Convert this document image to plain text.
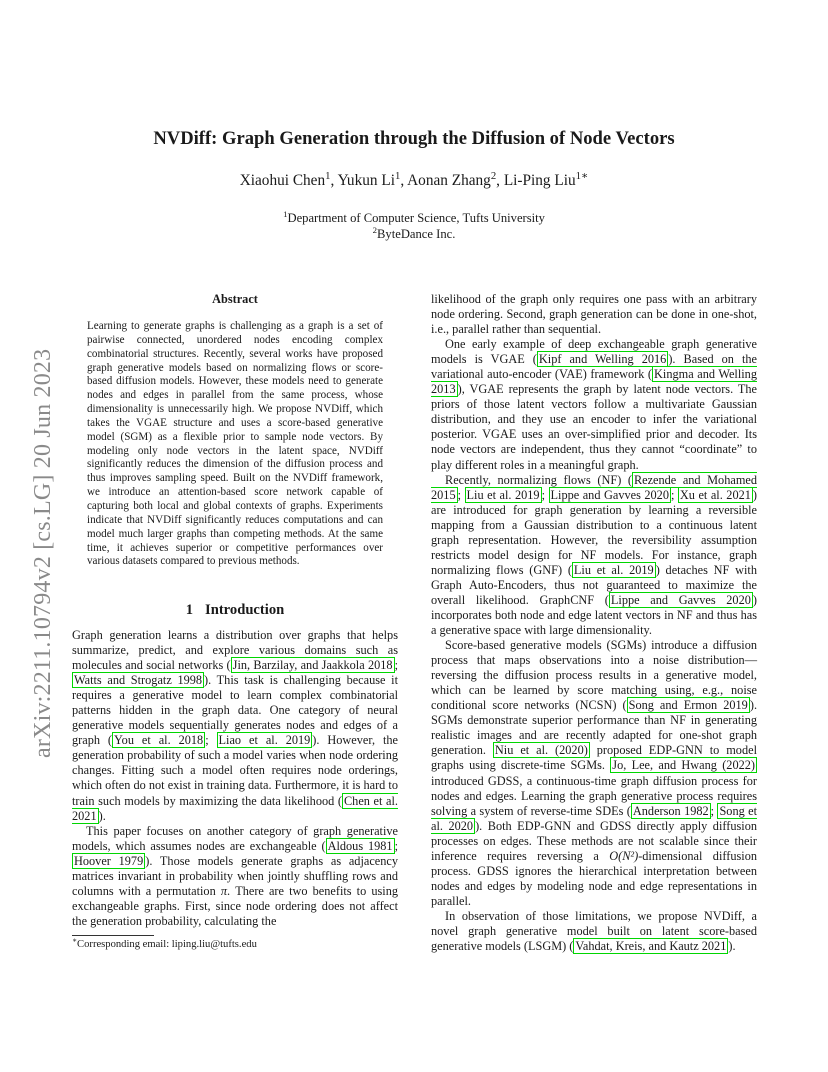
arXiv:2211.10794v2 [cs.LG] 20 Jun 2023
NVDiff: Graph Generation through the Diffusion of Node Vectors
Xiaohui Chen$^1$, Yukun Li$^1$, Aonan Zhang$^2$, Li-Ping Liu$^{1∗}$
$^1$Department of Computer Science, Tufts University
$^2$ByteDance Inc.
Abstract
Learning to generate graphs is challenging as a graph is a set of pairwise connected, unordered nodes encoding complex combinatorial structures. Recently, several works have proposed graph generative models based on normalizing flows or score-based diffusion models. However, these models need to generate nodes and edges in parallel from the same process, whose dimensionality is unnecessarily high. We propose NVDiff, which takes the VGAE structure and uses a score-based generative model (SGM) as a flexible prior to sample node vectors. By modeling only node vectors in the latent space, NVDiff significantly reduces the dimension of the diffusion process and thus improves sampling speed. Built on the NVDiff framework, we introduce an attention-based score network capable of capturing both local and global contexts of graphs. Experiments indicate that NVDiff significantly reduces computations and can model much larger graphs than competing methods. At the same time, it achieves superior or competitive performances over various datasets compared to previous methods.
1 Introduction

Graph generation learns a distribution over graphs that helps summarize, predict, and explore various domains such as molecules and social networks ( Jin, Barzilay, and Jaakkola 2018 ; Watts and Strogatz 1998 ). This task is challenging because it requires a generative model to learn complex combinatorial patterns hidden in the graph data. One category of neural generative models sequentially generates nodes and edges of a graph ( You et al. 2018 ; Liao et al. 2019 ). However, the generation probability of such a model varies when node ordering changes. Fitting such a model often requires node orderings, which often do not exist in training data. Furthermore, it is hard to train such models by maximizing the data likelihood ( Chen et al. 2021 ).

This paper focuses on another category of graph generative models, which assumes nodes are exchangeable ( Aldous 1981 ; Hoover 1979 ). Those models generate graphs as adjacency matrices invariant in probability when jointly shuffling rows and columns with a permutation π. There are two benefits to using exchangeable graphs. First, since node ordering does not affect the generation probability, calculating the

likelihood of the graph only requires one pass with an arbitrary node ordering. Second, graph generation can be done in one-shot, i.e., parallel rather than sequential.

One early example of deep exchangeable graph generative models is VGAE ( Kipf and Welling 2016 ). Based on the variational auto-encoder (VAE) framework ( Kingma and Welling 2013 ), VGAE represents the graph by latent node vectors. The priors of those latent vectors follow a multivariate Gaussian distribution, and they use an encoder to infer the variational posterior. VGAE uses an over-simplified prior and decoder. Its node vectors are independent, thus they cannot “coordinate” to play different roles in a meaningful graph.

Recently, normalizing flows (NF) ( Rezende and Mohamed 2015 ; Liu et al. 2019 ; Lippe and Gavves 2020 ; Xu et al. 2021 ) are introduced for graph generation by learning a reversible mapping from a Gaussian distribution to a continuous latent graph representation. However, the reversibility assumption restricts model design for NF models. For instance, graph normalizing flows (GNF) ( Liu et al. 2019 ) detaches NF with Graph Auto-Encoders, thus not guaranteed to maximize the overall likelihood. GraphCNF ( Lippe and Gavves 2020 ) incorporates both node and edge latent vectors in NF and thus has a generative space with large dimensionality.

Score-based generative models (SGMs) introduce a diffusion process that maps observations into a noise distribution—reversing the diffusion process results in a generative model, which can be learned by score matching using, e.g., noise conditional score networks (NCSN) ( Song and Ermon 2019 ). SGMs demonstrate superior performance than NF in generating realistic images and are recently adapted for one-shot graph generation. Niu et al. (2020) proposed EDP-GNN to model graphs using discrete-time SGMs. Jo, Lee, and Hwang (2022) introduced GDSS, a continuous-time graph diffusion process for nodes and edges. Learning the graph generative process requires solving a system of reverse-time SDEs ( Anderson 1982 ; Song et al. 2020 ). Both EDP-GNN and GDSS directly apply diffusion processes on edges. These methods are not scalable since their inference requires reversing a O(N²)-dimensional diffusion process. GDSS ignores the hierarchical interpretation between nodes and edges by modeling node and edge representations in parallel.

In observation of those limitations, we propose NVDiff, a novel graph generative model built on latent score-based generative models (LSGM) ( Vahdat, Kreis, and Kautz 2021 ).

∗Corresponding email: liping.liu@tufts.edu
